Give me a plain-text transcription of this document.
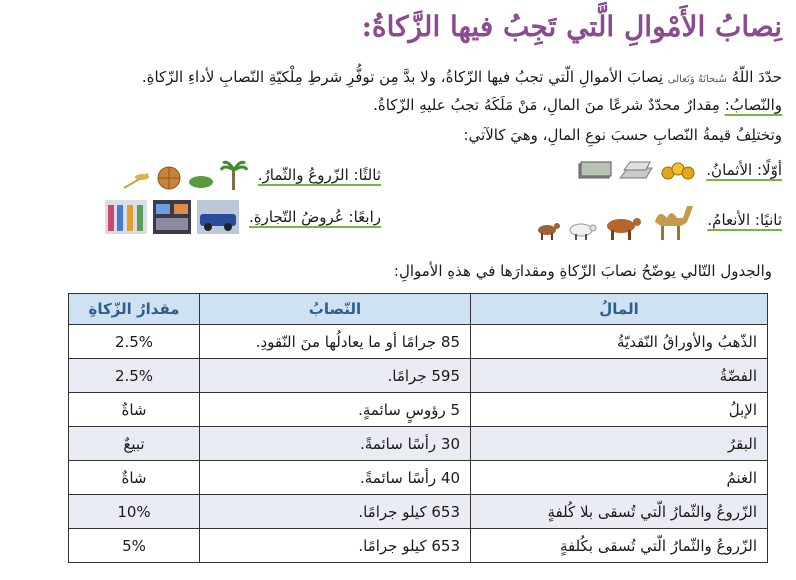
نِصابُ الأَمْوالِ الَّتي تَجِبُ فيها الزَّكاةُ:
حدّدَ اللّهُ سُبحانَهُ وَتَعالى نِصابَ الأموالِ الّتي تجبُ فيها الزّكاةُ، ولا بدَّ مِن توفُّرِ شرطِ مِلْكيّةِ النّصابِ لأداءِ الزّكاةِ.
والنّصابُ: مِقدارٌ محدّدٌ شرعًا منَ المالِ، مَنْ مَلَكَهُ تجبُ عليهِ الزّكاةُ.
وتختلِفُ قيمةُ النّصابِ حسبَ نوعِ المالِ، وهيَ كالآتي:
أوّلًا: الأثمانُ.
ثالثًا: الزّروعُ والثّمارُ.
ثانيًا: الأنعامُ.
رابعًا: عُروضُ التّجارةِ.
والجدول التّالي يوضّحُ نصابَ الزّكاةِ ومقدارَها في هذهِ الأموالِ:
المالُ	النّصابُ	مقدارُ الزّكاةِ
الذّهبُ والأوراقُ النّقديّةُ	85 جرامًا أو ما يعادلُها منَ النّقودِ.	2.5%
الفضّةُ	595 جرامًا.	2.5%
الإبلُ	5 رؤوسٍ سائمةٍ.	شاةٌ
البقرُ	30 رأسًا سائمةً.	تبيعٌ
الغنمُ	40 رأسًا سائمةً.	شاةٌ
الزّروعُ والثّمارُ الّتي تُسقى بلا كُلفةٍ	653 كيلو جرامًا.	10%
الزّروعُ والثّمارُ الّتي تُسقى بكُلفةٍ	653 كيلو جرامًا.	5%
